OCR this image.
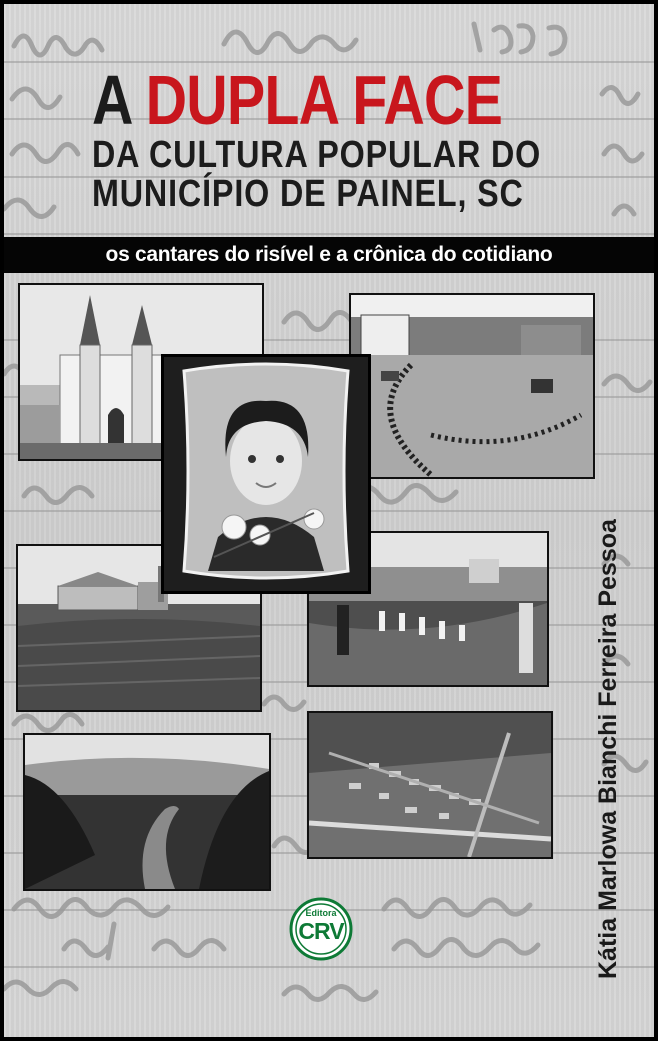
A DUPLA FACE
DA CULTURA POPULAR DO
MUNICÍPIO DE PAINEL, SC
os cantares do risível e a crônica do cotidiano
Kátia Marlowa Bianchi Ferreira Pessoa
Editora
CRV
